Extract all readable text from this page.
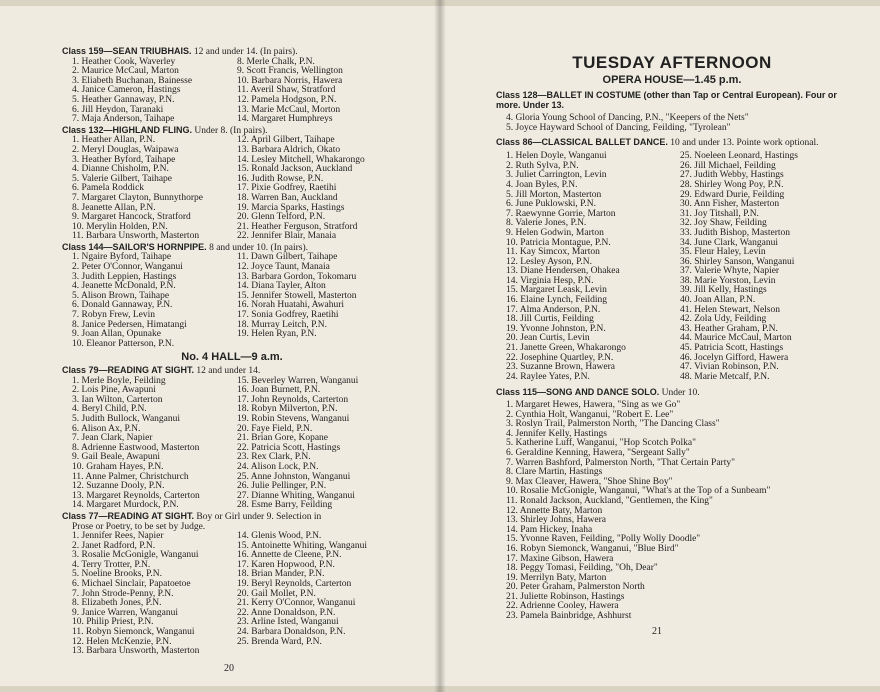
Class 159—SEAN TRIUBHAIS. 12 and under 14. (In pairs).
1. Heather Cook, Waverley
2. Maurice McCaul, Marton
3. Eliabeth Buchanan, Bainesse
4. Janice Cameron, Hastings
5. Heather Gannaway, P.N.
6. Jill Heydon, Taranaki
7. Maja Anderson, Taihape
8. Merle Chalk, P.N.
9. Scott Francis, Wellington
10. Barbara Norris, Hawera
11. Averil Shaw, Stratford
12. Pamela Hodgson, P.N.
13. Marie McCaul, Morton
14. Margaret Humphreys
Class 132—HIGHLAND FLING. Under 8. (In pairs).
1. Heather Allan, P.N.
2. Meryl Douglas, Waipawa
3. Heather Byford, Taihape
4. Dianne Chisholm, P.N.
5. Valerie Gilbert, Taihape
6. Pamela Roddick
7. Margaret Clayton, Bunnythorpe
8. Jeanette Allan, P.N.
9. Margaret Hancock, Stratford
10. Merylin Holden, P.N.
11. Barbara Unsworth, Masterton
12. April Gilbert, Taihape
13. Barbara Aldrich, Okato
14. Lesley Mitchell, Whakarongo
15. Ronald Jackson, Auckland
16. Judith Rowse, P.N.
17. Pixie Godfrey, Raetihi
18. Warren Ban, Auckland
19. Marcia Sparks, Hastings
20. Glenn Telford, P.N.
21. Heather Ferguson, Stratford
22. Jennifer Blair, Manaia
Class 144—SAILOR'S HORNPIPE. 8 and under 10. (In pairs).
1. Ngaire Byford, Taihape
2. Peter O'Connor, Wanganui
3. Judith Leppien, Hastings
4. Jeanette McDonald, P.N.
5. Alison Brown, Taihape
6. Donald Gannaway, P.N.
7. Robyn Frew, Levin
8. Janice Pedersen, Himatangi
9. Joan Allan, Opunake
10. Eleanor Patterson, P.N.
11. Dawn Gilbert, Taihape
12. Joyce Taunt, Manaia
13. Barbara Gordon, Tokomaru
14. Diana Tayler, Alton
15. Jennifer Stowell, Masterton
16. Norah Huatahi, Awahuri
17. Sonia Godfrey, Raetihi
18. Murray Leitch, P.N.
19. Helen Ryan, P.N.
No. 4 HALL—9 a.m.
Class 79—READING AT SIGHT. 12 and under 14.
1. Merle Boyle, Feilding
2. Lois Pine, Awapuni
3. Ian Wilton, Carterton
4. Beryl Child, P.N.
5. Judith Bullock, Wanganui
6. Alison Ax, P.N.
7. Jean Clark, Napier
8. Adrienne Eastwood, Masterton
9. Gail Beale, Awapuni
10. Graham Hayes, P.N.
11. Anne Palmer, Christchurch
12. Suzanne Dooly, P.N.
13. Margaret Reynolds, Carterton
14. Margaret Murdock, P.N.
15. Beverley Warren, Wanganui
16. Joan Burnett, P.N.
17. John Reynolds, Carterton
18. Robyn Milverton, P.N.
19. Robin Stevens, Wanganui
20. Faye Field, P.N.
21. Brian Gore, Kopane
22. Patricia Scott, Hastings
23. Rex Clark, P.N.
24. Alison Lock, P.N.
25. Anne Johnston, Wanganui
26. Julie Pellinger, P.N.
27. Dianne Whiting, Wanganui
28. Esme Barry, Feilding
Class 77—READING AT SIGHT. Boy or Girl under 9. Selection in
Prose or Poetry, to be set by Judge.
1. Jennifer Rees, Napier
2. Janet Radford, P.N.
3. Rosalie McGonigle, Wanganui
4. Terry Trotter, P.N.
5. Noeline Brooks, P.N.
6. Michael Sinclair, Papatoetoe
7. John Strode-Penny, P.N.
8. Elizabeth Jones, P.N.
9. Janice Warren, Wanganui
10. Philip Priest, P.N.
11. Robyn Siemonck, Wanganui
12. Helen McKenzie, P.N.
13. Barbara Unsworth, Masterton
14. Glenis Wood, P.N.
15. Antoinette Whiting, Wanganui
16. Annette de Cleene, P.N.
17. Karen Hopwood, P.N.
18. Brian Mander, P.N.
19. Beryl Reynolds, Carterton
20. Gail Mollet, P.N.
21. Kerry O'Connor, Wanganui
22. Anne Donaldson, P.N.
23. Arline Isted, Wanganui
24. Barbara Donaldson, P.N.
25. Brenda Ward, P.N.
20
TUESDAY AFTERNOON
OPERA HOUSE—1.45 p.m.
Class 128—BALLET IN COSTUME (other than Tap or Central European). Four or more. Under 13.
4. Gloria Young School of Dancing, P.N., "Keepers of the Nets"
5. Joyce Hayward School of Dancing, Feilding, "Tyrolean"
Class 86—CLASSICAL BALLET DANCE. 10 and under 13. Pointe work optional.
1. Helen Doyle, Wanganui
2. Ruth Sylva, P.N.
3. Juliet Carrington, Levin
4. Joan Byles, P.N.
5. Jill Morton, Masterton
6. June Puklowski, P.N.
7. Raewynne Gorrie, Marton
8. Valerie Jones, P.N.
9. Helen Godwin, Marton
10. Patricia Montague, P.N.
11. Kay Simcox, Marton
12. Lesley Ayson, P.N.
13. Diane Hendersen, Ohakea
14. Virginia Hesp, P.N.
15. Margaret Leask, Levin
16. Elaine Lynch, Feilding
17. Alma Anderson, P.N.
18. Jill Curtis, Feilding
19. Yvonne Johnston, P.N.
20. Jean Curtis, Levin
21. Janette Green, Whakarongo
22. Josephine Quartley, P.N.
23. Suzanne Brown, Hawera
24. Raylee Yates, P.N.
25. Noeleen Leonard, Hastings
26. Jill Michael, Feilding
27. Judith Webby, Hastings
28. Shirley Wong Poy, P.N.
29. Edward Durie, Feilding
30. Ann Fisher, Masterton
31. Joy Titshall, P.N.
32. Joy Shaw, Feilding
33. Judith Bishop, Masterton
34. June Clark, Wanganui
35. Fleur Haley, Levin
36. Shirley Sanson, Wanganui
37. Valerie Whyte, Napier
38. Marie Yorston, Levin
39. Jill Kelly, Hastings
40. Joan Allan, P.N.
41. Helen Stewart, Nelson
42. Zola Udy, Feilding
43. Heather Graham, P.N.
44. Maurice McCaul, Marton
45. Patricia Scott, Hastings
46. Jocelyn Gifford, Hawera
47. Vivian Robinson, P.N.
48. Marie Metcalf, P.N.
Class 115—SONG AND DANCE SOLO. Under 10.
1. Margaret Hewes, Hawera, "Sing as we Go"
2. Cynthia Holt, Wanganui, "Robert E. Lee"
3. Roslyn Trail, Palmerston North, "The Dancing Class"
4. Jennifer Kelly, Hastings
5. Katherine Luff, Wanganui, "Hop Scotch Polka"
6. Geraldine Kenning, Hawera, "Sergeant Sally"
7. Warren Bashford, Palmerston North, "That Certain Party"
8. Clare Martin, Hastings
9. Max Cleaver, Hawera, "Shoe Shine Boy"
10. Rosalie McGonigle, Wanganui, "What's at the Top of a Sunbeam"
11. Ronald Jackson, Auckland, "Gentlemen, the King"
12. Annette Baty, Marton
13. Shirley Johns, Hawera
14. Pam Hickey, Inaha
15. Yvonne Raven, Feilding, "Polly Wolly Doodle"
16. Robyn Siemonck, Wanganui, "Blue Bird"
17. Maxine Gibson, Hawera
18. Peggy Tomasi, Feilding, "Oh, Dear"
19. Merrilyn Baty, Marton
20. Peter Graham, Palmerston North
21. Juliette Robinson, Hastings
22. Adrienne Cooley, Hawera
23. Pamela Bainbridge, Ashhurst
21
